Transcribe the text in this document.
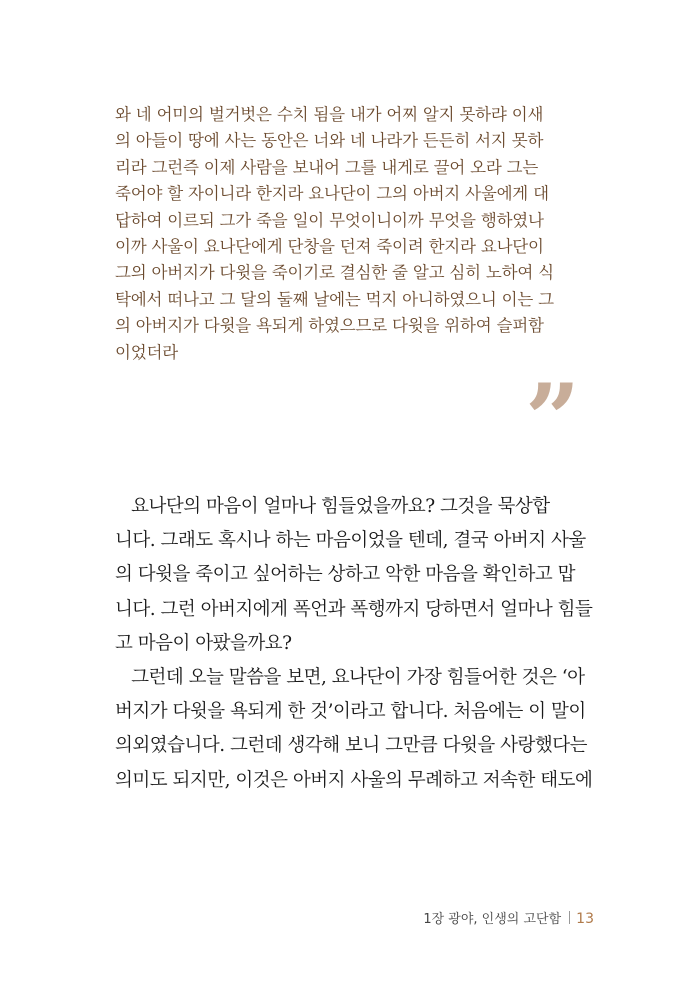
와 네 어미의 벌거벗은 수치 됨을 내가 어찌 알지 못하랴 이새
의 아들이 땅에 사는 동안은 너와 네 나라가 든든히 서지 못하
리라 그런즉 이제 사람을 보내어 그를 내게로 끌어 오라 그는
죽어야 할 자이니라 한지라 요나단이 그의 아버지 사울에게 대
답하여 이르되 그가 죽을 일이 무엇이니이까 무엇을 행하였나
이까 사울이 요나단에게 단창을 던져 죽이려 한지라 요나단이
그의 아버지가 다윗을 죽이기로 결심한 줄 알고 심히 노하여 식
탁에서 떠나고 그 달의 둘째 날에는 먹지 아니하였으니 이는 그
의 아버지가 다윗을 욕되게 하였으므로 다윗을 위하여 슬퍼함
이었더라
”
요나단의 마음이 얼마나 힘들었을까요? 그것을 묵상합
니다. 그래도 혹시나 하는 마음이었을 텐데, 결국 아버지 사울
의 다윗을 죽이고 싶어하는 상하고 악한 마음을 확인하고 맙
니다. 그런 아버지에게 폭언과 폭행까지 당하면서 얼마나 힘들
고 마음이 아팠을까요?
그런데 오늘 말씀을 보면, 요나단이 가장 힘들어한 것은 ‘아
버지가 다윗을 욕되게 한 것’이라고 합니다. 처음에는 이 말이
의외였습니다. 그런데 생각해 보니 그만큼 다윗을 사랑했다는
의미도 되지만, 이것은 아버지 사울의 무례하고 저속한 태도에
1장 광야, 인생의 고단함 13
